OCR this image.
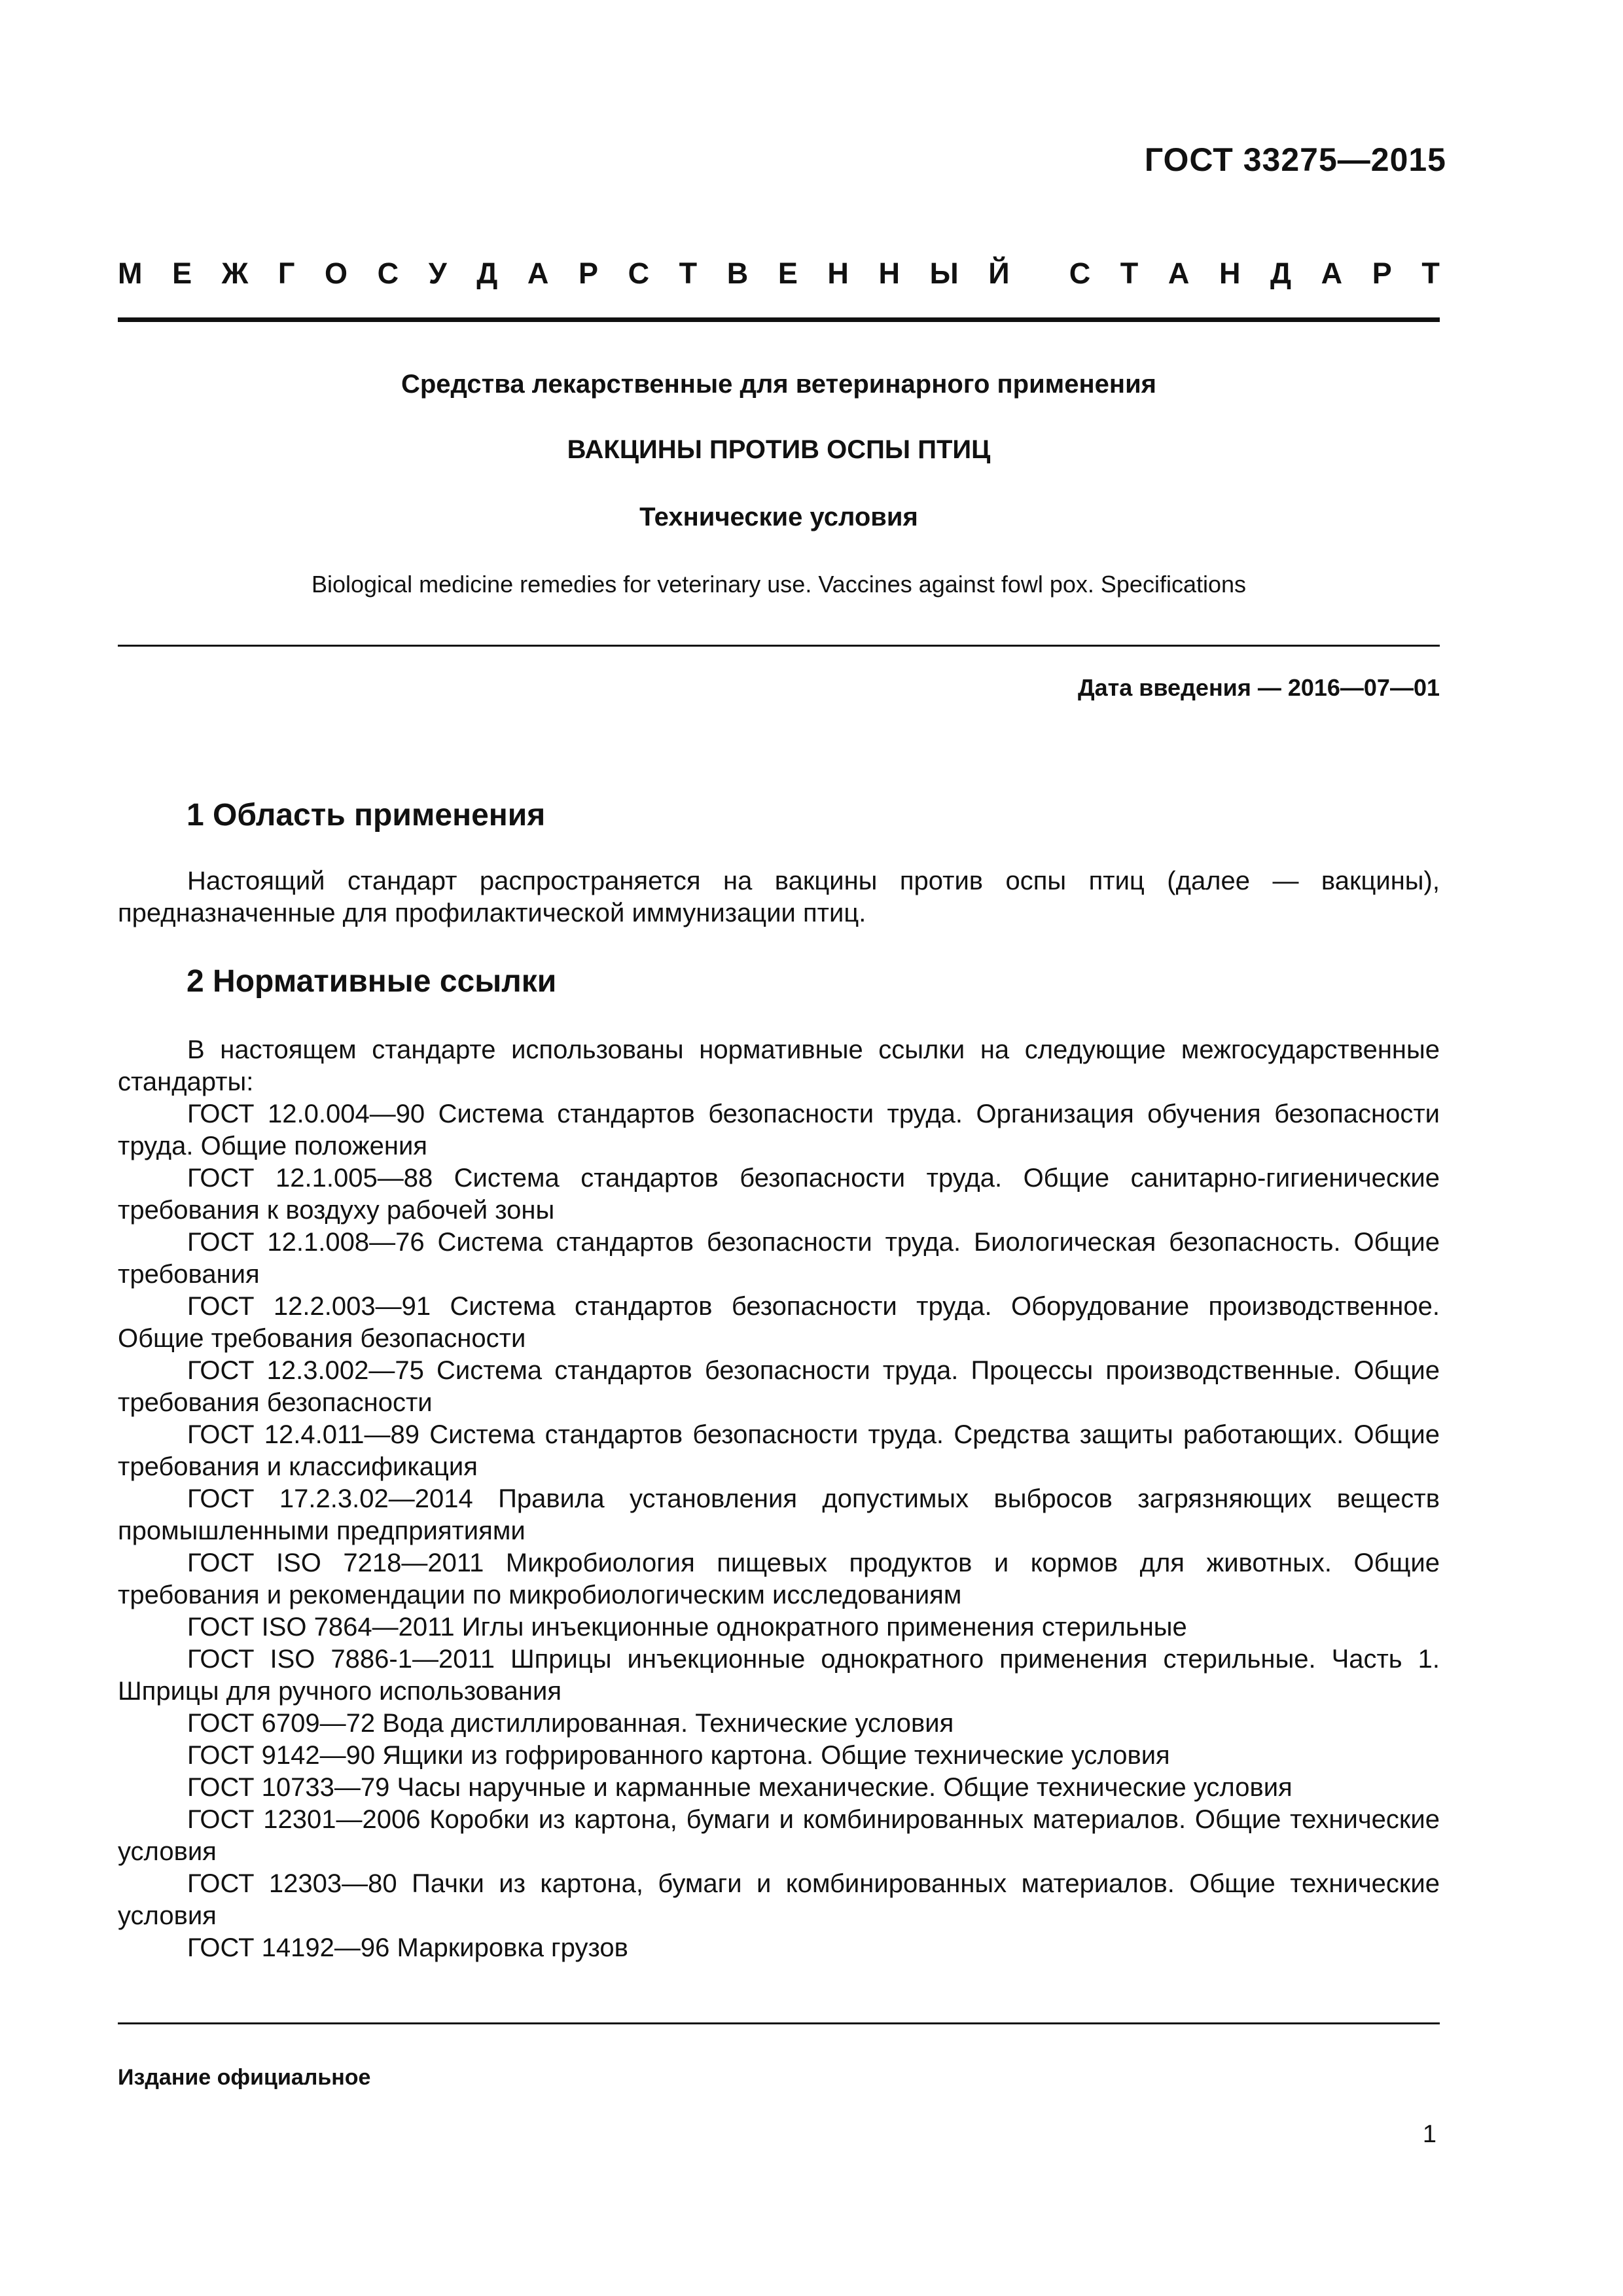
ГОСТ 33275—2015
М Е Ж Г О С У Д А Р С Т В Е Н Н Ы Й С Т А Н Д А Р Т
Средства лекарственные для ветеринарного применения
ВАКЦИНЫ ПРОТИВ ОСПЫ ПТИЦ
Технические условия
Biological medicine remedies for veterinary use. Vaccines against fowl pox. Specifications
Дата введения — 2016—07—01
1 Область применения

Настоящий стандарт распространяется на вакцины против оспы птиц (далее — вакцины), предназначенные для профилактической иммунизации птиц.

2 Нормативные ссылки

В настоящем стандарте использованы нормативные ссылки на следующие межгосударственные стандарты:

ГОСТ 12.0.004—90 Система стандартов безопасности труда. Организация обучения безопасности труда. Общие положения

ГОСТ 12.1.005—88 Система стандартов безопасности труда. Общие санитарно-гигиенические требования к воздуху рабочей зоны

ГОСТ 12.1.008—76 Система стандартов безопасности труда. Биологическая безопасность. Общие требования

ГОСТ 12.2.003—91 Система стандартов безопасности труда. Оборудование производственное. Общие требования безопасности

ГОСТ 12.3.002—75 Система стандартов безопасности труда. Процессы производственные. Общие требования безопасности

ГОСТ 12.4.011—89 Система стандартов безопасности труда. Средства защиты работающих. Общие требования и классификация

ГОСТ 17.2.3.02—2014 Правила установления допустимых выбросов загрязняющих веществ промышленными предприятиями

ГОСТ ISO 7218—2011 Микробиология пищевых продуктов и кормов для животных. Общие требования и рекомендации по микробиологическим исследованиям

ГОСТ ISO 7864—2011 Иглы инъекционные однократного применения стерильные

ГОСТ ISO 7886-1—2011 Шприцы инъекционные однократного применения стерильные. Часть 1. Шприцы для ручного использования

ГОСТ 6709—72 Вода дистиллированная. Технические условия

ГОСТ 9142—90 Ящики из гофрированного картона. Общие технические условия

ГОСТ 10733—79 Часы наручные и карманные механические. Общие технические условия

ГОСТ 12301—2006 Коробки из картона, бумаги и комбинированных материалов. Общие технические условия

ГОСТ 12303—80 Пачки из картона, бумаги и комбинированных материалов. Общие технические условия

ГОСТ 14192—96 Маркировка грузов

Издание официальное
1
